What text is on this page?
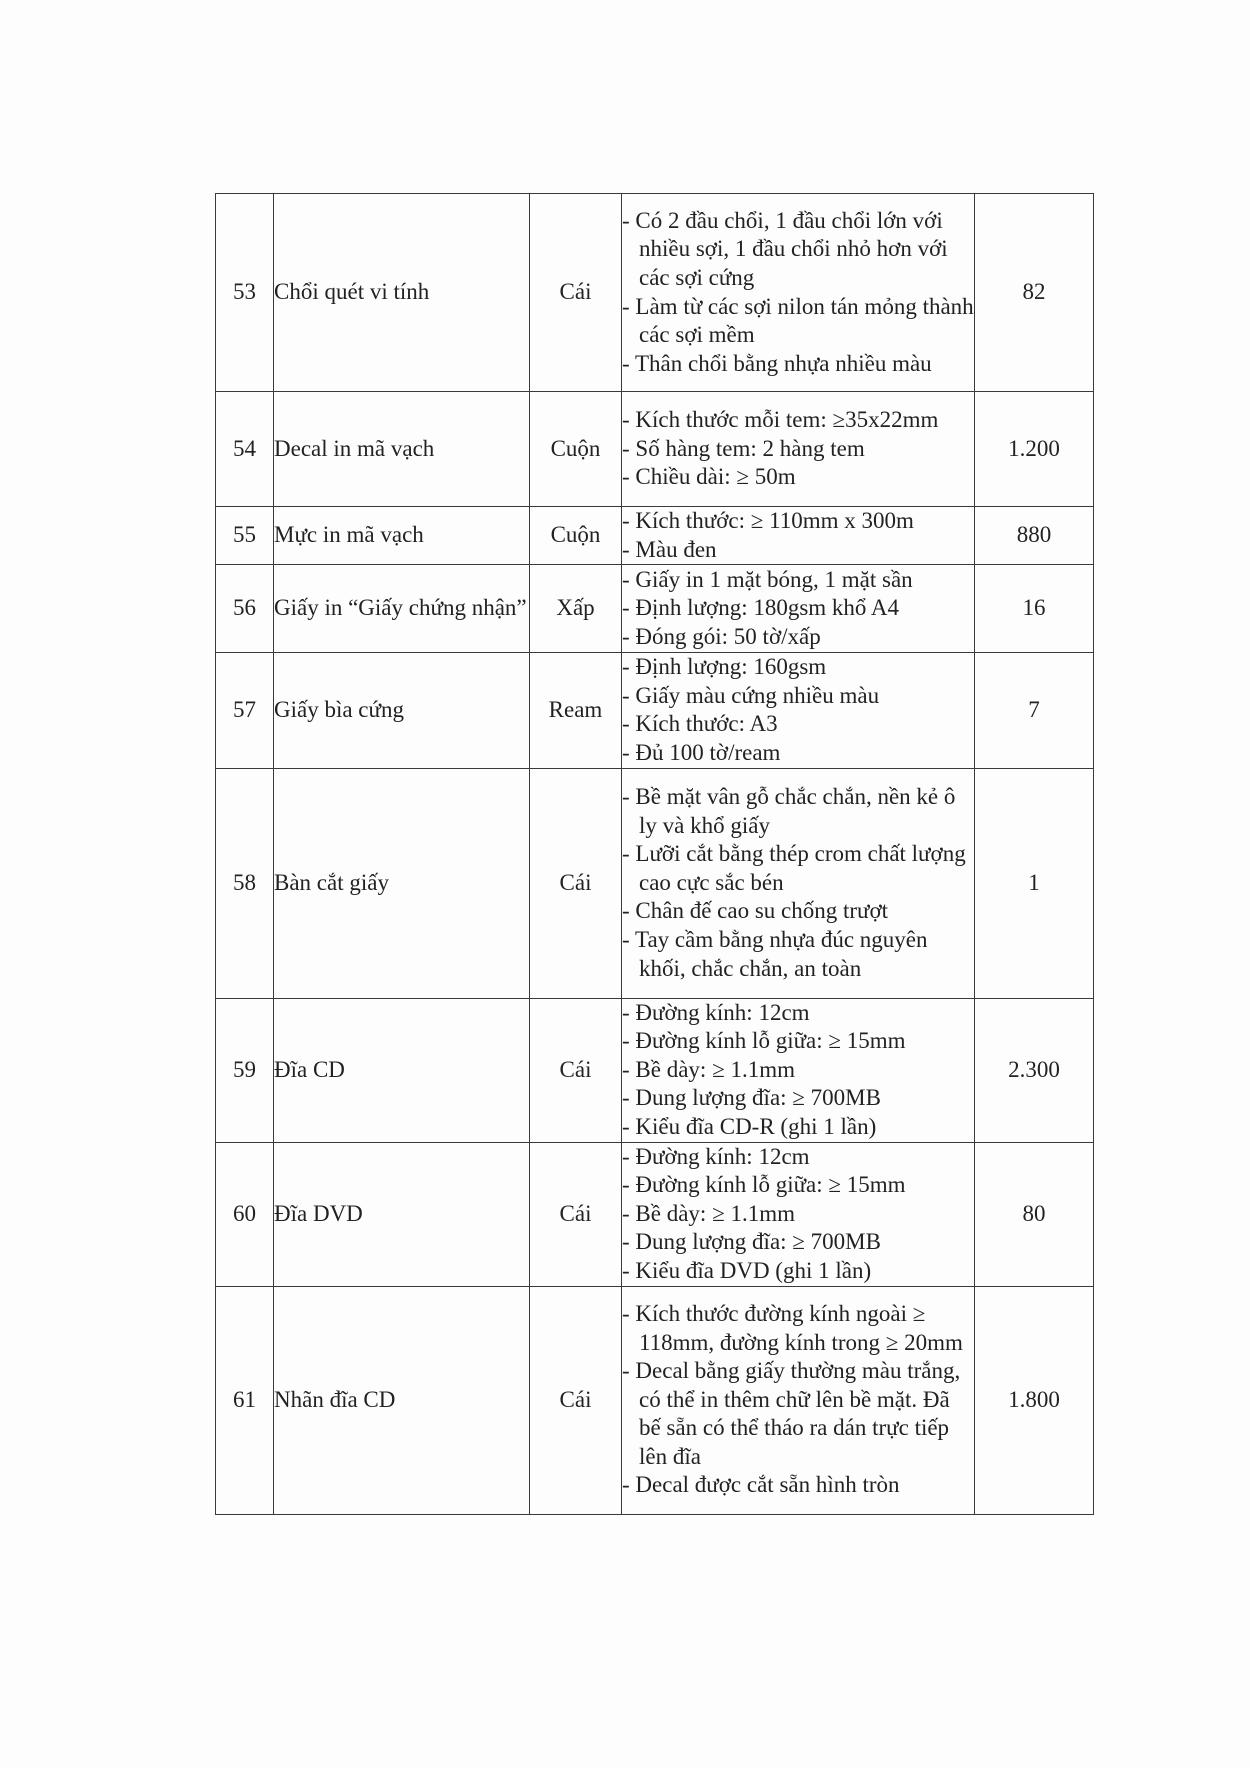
53	Chổi quét vi tính	Cái	- Có 2 đầu chổi, 1 đầu chổi lớn với nhiều sợi, 1 đầu chổi nhỏ hơn với các sợi cứng
- Làm từ các sợi nilon tán mỏng thành các sợi mềm
- Thân chổi bằng nhựa nhiều màu	82
54	Decal in mã vạch	Cuộn	- Kích thước mỗi tem: ≥35x22mm
- Số hàng tem: 2 hàng tem
- Chiều dài: ≥ 50m	1.200
55	Mực in mã vạch	Cuộn	- Kích thước: ≥ 110mm x 300m
- Màu đen	880
56	Giấy in “Giấy chứng nhận”	Xấp	- Giấy in 1 mặt bóng, 1 mặt sần
- Định lượng: 180gsm khổ A4
- Đóng gói: 50 tờ/xấp	16
57	Giấy bìa cứng	Ream	- Định lượng: 160gsm
- Giấy màu cứng nhiều màu
- Kích thước: A3
- Đủ 100 tờ/ream	7
58	Bàn cắt giấy	Cái	- Bề mặt vân gỗ chắc chắn, nền kẻ ô ly và khổ giấy
- Lưỡi cắt bằng thép crom chất lượng cao cực sắc bén
- Chân đế cao su chống trượt
- Tay cầm bằng nhựa đúc nguyên khối, chắc chắn, an toàn	1
59	Đĩa CD	Cái	- Đường kính: 12cm
- Đường kính lỗ giữa: ≥ 15mm
- Bề dày: ≥ 1.1mm
- Dung lượng đĩa: ≥ 700MB
- Kiểu đĩa CD-R (ghi 1 lần)	2.300
60	Đĩa DVD	Cái	- Đường kính: 12cm
- Đường kính lỗ giữa: ≥ 15mm
- Bề dày: ≥ 1.1mm
- Dung lượng đĩa: ≥ 700MB
- Kiểu đĩa DVD (ghi 1 lần)	80
61	Nhãn đĩa CD	Cái	- Kích thước đường kính ngoài ≥ 118mm, đường kính trong ≥ 20mm
- Decal bằng giấy thường màu trắng, có thể in thêm chữ lên bề mặt. Đã bế sẵn có thể tháo ra dán trực tiếp lên đĩa
- Decal được cắt sẵn hình tròn	1.800
